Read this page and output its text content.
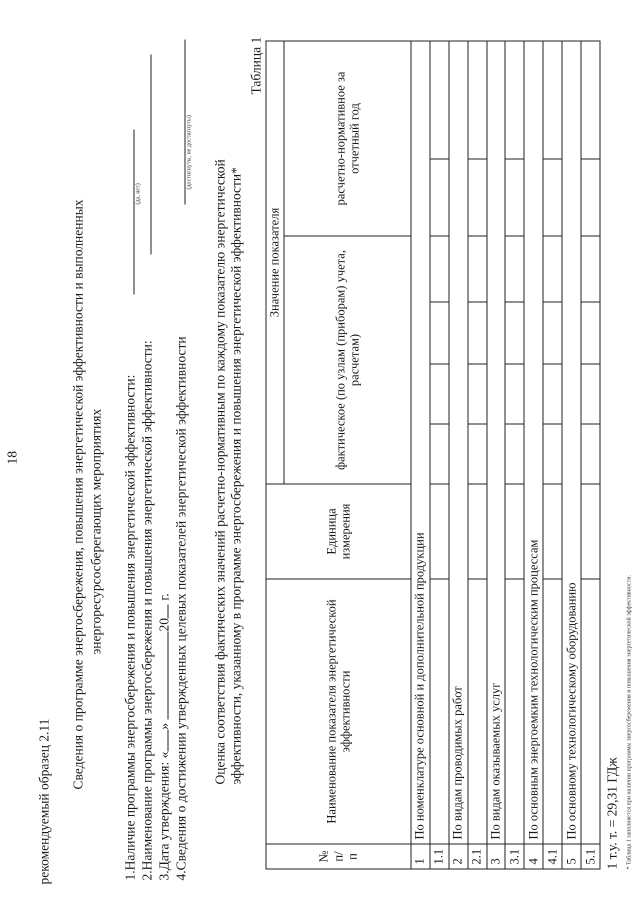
18
рекомендуемый образец 2.11
Сведения о программе энергосбережения, повышения энергетической эффективности и выполненных энергоресурсосберегающих мероприятиях 1.Наличие программы энергосбережения и повышения энергетической эффективности:
(да, нет)
2.Наименование программы энергосбережения и повышения энергетической эффективности: 3.Дата утверждения: «» 20 г. 4.Сведения о достижении утвержденных целевых показателей энергетической эффективности
(достигнуты, не достигнуты)
Оценка соответствия фактических значений расчетно-нормативным по каждому показателю энергетической эффективности, указанному в программе энергосбережения и повышения энергетической эффективности*
Таблица 1
№ п/п	Наименование показателя энергетической эффективности	Единица измерения	Значение показателя					
			фактическое (по узлам (приборам) учета, расчетам)				расчетно-нормативное за отчетный год	
1	По номенклатуре основной и дополнительной продукции							
1.1								
2	По видам проводимых работ							
2.1								
3	По видам оказываемых услуг							
3.1								
4	По основным энергоемким технологическим процессам							
4.1								
5	По основному технологическому оборудованию							
5.1								1 т.у. т. = 29,31 ГДж * Таблица 1 заполняется при наличии программы энергосбережения и повышения энергетической эффективности.
